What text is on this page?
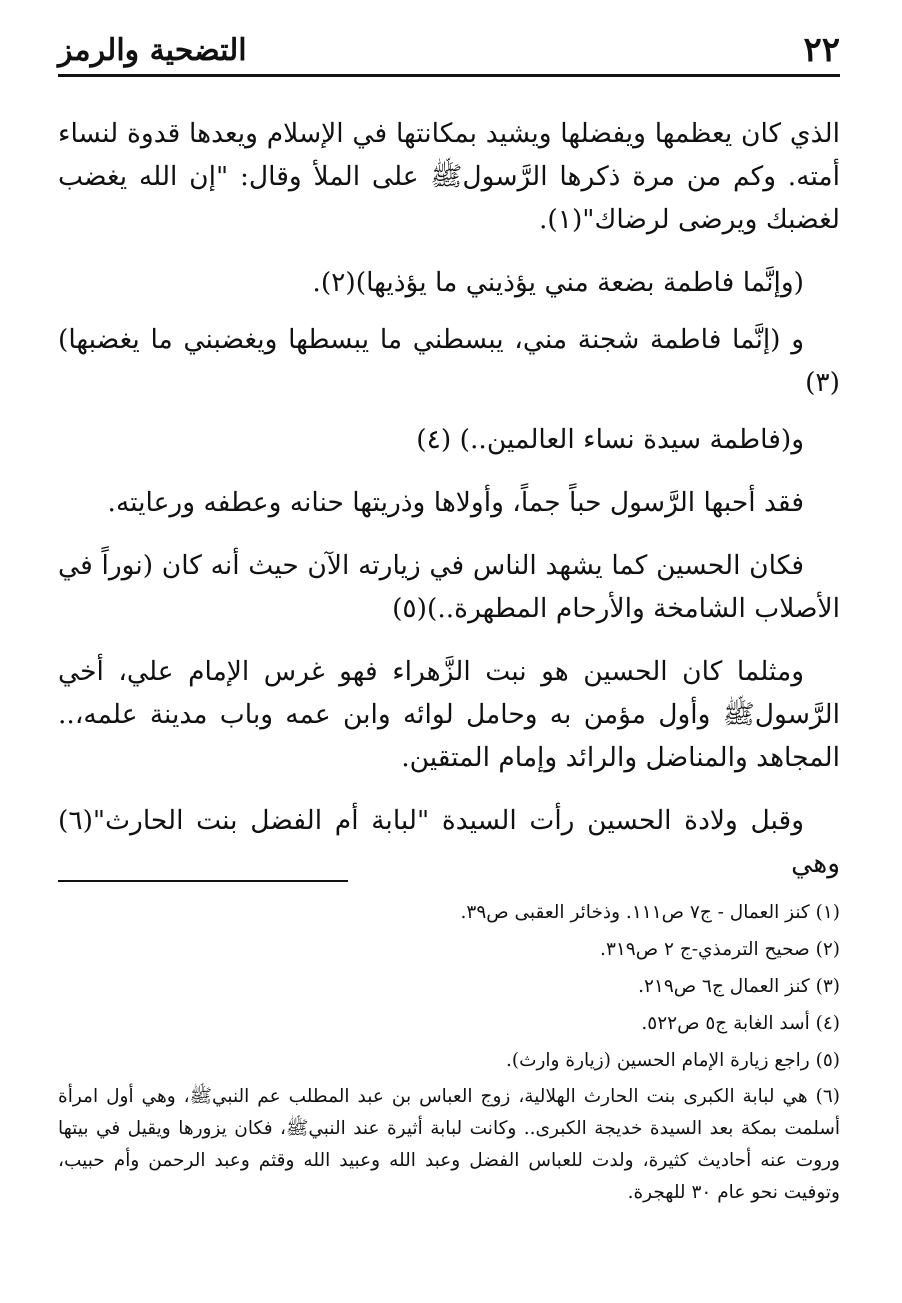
٢٢
التضحية والرمز

الذي كان يعظمها ويفضلها ويشيد بمكانتها في الإسلام ويعدها قدوة لنساء أمته. وكم من مرة ذكرها الرَّسولﷺ على الملأ وقال: "إن الله يغضب لغضبك ويرضى لرضاك"(١).

(وإنَّما فاطمة بضعة مني يؤذيني ما يؤذيها)(٢).

و (إنَّما فاطمة شجنة مني، يبسطني ما يبسطها ويغضبني ما يغضبها)(٣)

و(فاطمة سيدة نساء العالمين..) (٤)

فقد أحبها الرَّسول حباً جماً، وأولاها وذريتها حنانه وعطفه ورعايته.

فكان الحسين كما يشهد الناس في زيارته الآن حيث أنه كان (نوراً في الأصلاب الشامخة والأرحام المطهرة..)(٥)

ومثلما كان الحسين هو نبت الزَّهراء فهو غرس الإمام علي، أخي الرَّسولﷺ وأول مؤمن به وحامل لوائه وابن عمه وباب مدينة علمه،.. المجاهد والمناضل والرائد وإمام المتقين.

وقبل ولادة الحسين رأت السيدة "لبابة أم الفضل بنت الحارث"(٦) وهي

(١) كنز العمال - ج٧ ص١١١. وذخائر العقبى ص٣٩.

(٢) صحيح الترمذي-ج ٢ ص٣١٩.

(٣) كنز العمال ج٦ ص٢١٩.

(٤) أسد الغابة ج٥ ص٥٢٢.

(٥) راجع زيارة الإمام الحسين (زيارة وارث).

(٦) هي لبابة الكبرى بنت الحارث الهلالية، زوج العباس بن عبد المطلب عم النبيﷺ، وهي أول امرأة أسلمت بمكة بعد السيدة خديجة الكبرى.. وكانت لبابة أثيرة عند النبيﷺ، فكان يزورها ويقيل في بيتها وروت عنه أحاديث كثيرة، ولدت للعباس الفضل وعبد الله وعبيد الله وقثم وعبد الرحمن وأم حبيب، وتوفيت نحو عام ٣٠ للهجرة.
